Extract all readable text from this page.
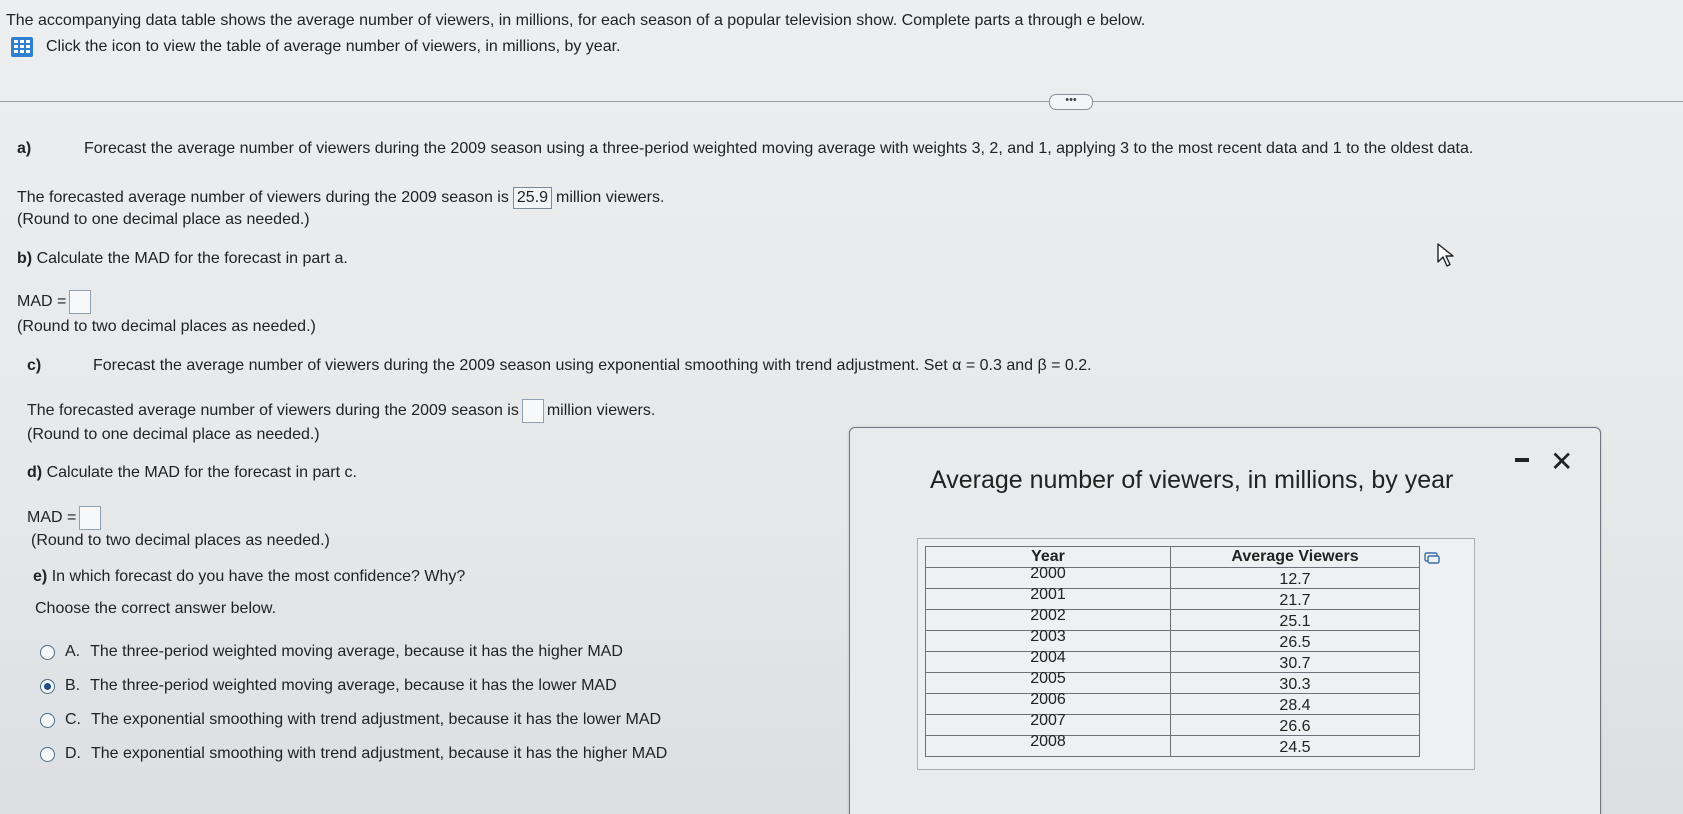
The accompanying data table shows the average number of viewers, in millions, for each season of a popular television show. Complete parts a through e below.
Click the icon to view the table of average number of viewers, in millions, by year.
•••
a)	Forecast the average number of viewers during the 2009 season using a three-period weighted moving average with weights 3, 2, and 1, applying 3 to the most recent data and 1 to the oldest data.
The forecasted average number of viewers during the 2009 season is 25.9 million viewers.
(Round to one decimal place as needed.)
b) Calculate the MAD for the forecast in part a.
MAD =
(Round to two decimal places as needed.)
c)	Forecast the average number of viewers during the 2009 season using exponential smoothing with trend adjustment. Set α = 0.3 and β = 0.2.
The forecasted average number of viewers during the 2009 season is million viewers.
(Round to one decimal place as needed.)
d) Calculate the MAD for the forecast in part c.
MAD =
(Round to two decimal places as needed.)
e) In which forecast do you have the most confidence? Why?
Choose the correct answer below.
A. The three-period weighted moving average, because it has the higher MAD
B. The three-period weighted moving average, because it has the lower MAD
C. The exponential smoothing with trend adjustment, because it has the lower MAD
D. The exponential smoothing with trend adjustment, because it has the higher MAD
Average number of viewers, in millions, by year
✕
Year	Average Viewers
2000	12.7
2001	21.7
2002	25.1
2003	26.5
2004	30.7
2005	30.3
2006	28.4
2007	26.6
2008	24.5
